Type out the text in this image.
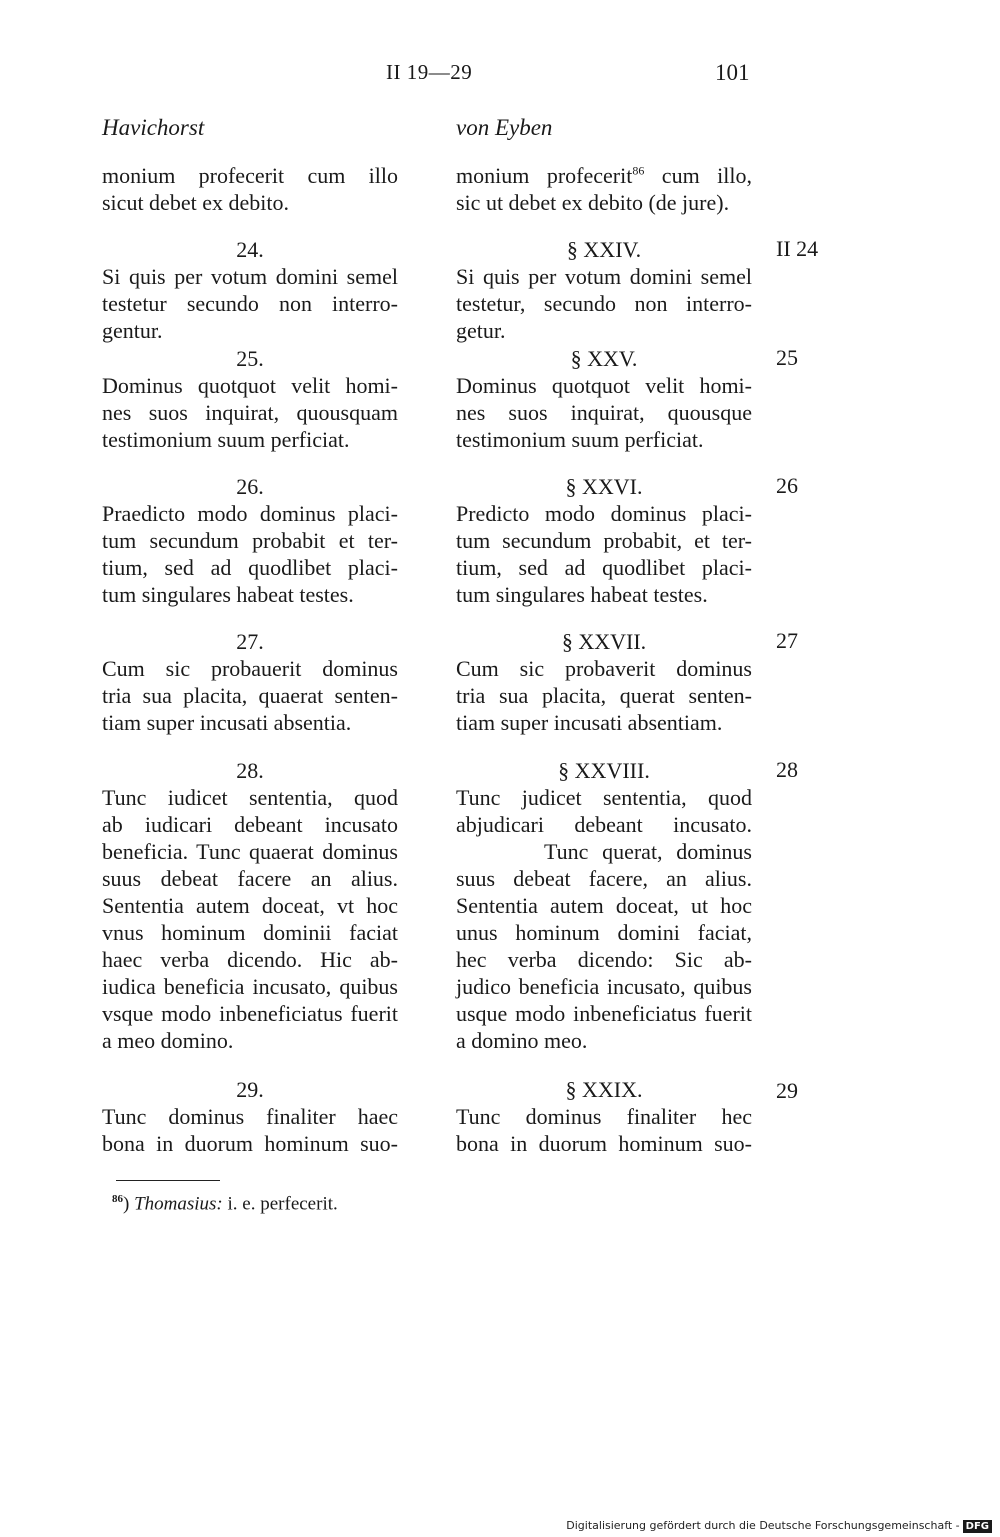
II 19—29	101
Havichorst	von Eyben
monium profecerit cum illo
sicut debet ex debito.
24.
Si quis per votum domini semel
testetur secundo non interro-
gentur.
25.
Dominus quotquot velit homi-
nes suos inquirat, quousquam
testimonium suum perficiat.
26.
Praedicto modo dominus placi-
tum secundum probabit et ter-
tium, sed ad quodlibet placi-
tum singulares habeat testes.
27.
Cum sic probauerit dominus
tria sua placita, quaerat senten-
tiam super incusati absentia.
28.
Tunc iudicet sententia, quod
ab iudicari debeant incusato
beneficia. Tunc quaerat dominus
suus debeat facere an alius.
Sententia autem doceat, vt hoc
vnus hominum dominii faciat
haec verba dicendo. Hic ab-
iudica beneficia incusato, quibus
vsque modo inbeneficiatus fuerit
a meo domino.
29.
Tunc dominus finaliter haec
bona in duorum hominum suo-
monium profecerit$^{86}$ cum illo,
sic ut debet ex debito (de jure).
§ XXIV.
Si quis per votum domini semel
testetur, secundo non interro-
getur.
§ XXV.
Dominus quotquot velit homi-
nes suos inquirat, quousque
testimonium suum perficiat.
§ XXVI.
Predicto modo dominus placi-
tum secundum probabit, et ter-
tium, sed ad quodlibet placi-
tum singulares habeat testes.
§ XXVII.
Cum sic probaverit dominus
tria sua placita, querat senten-
tiam super incusati absentiam.
§ XXVIII.
Tunc judicet sententia, quod
abjudicari debeant incusato.
Tunc querat, dominus
suus debeat facere, an alius.
Sententia autem doceat, ut hoc
unus hominum domini faciat,
hec verba dicendo: Sic ab-
judico beneficia incusato, quibus
usque modo inbeneficiatus fuerit
a domino meo.
§ XXIX.
Tunc dominus finaliter hec
bona in duorum hominum suo-
II 24
25
26
27
28
29
$^{86}$) Thomasius: i. e. perfecerit.
Digitalisierung gefördert durch die Deutsche Forschungsgemeinschaft - DFG
